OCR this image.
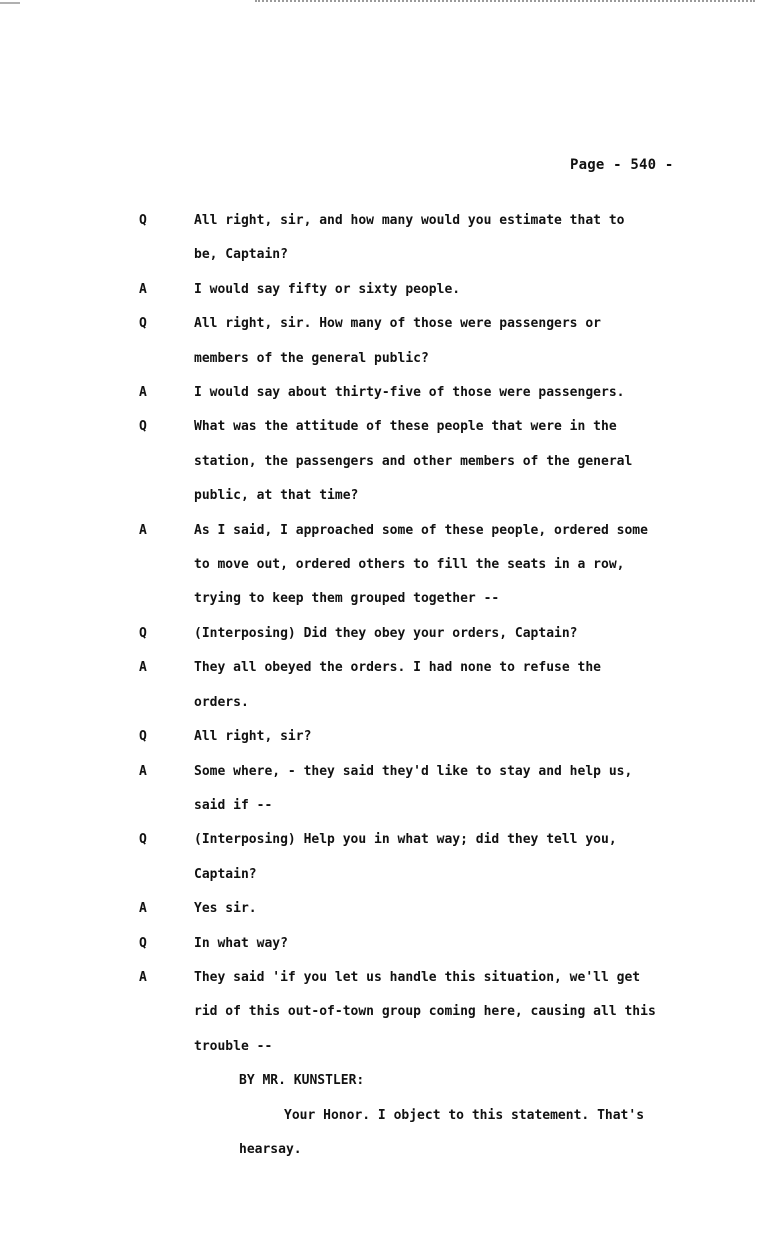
Page - 540 -
Q	All right, sir, and how many would you estimate that to
be, Captain?
A	I would say fifty or sixty people.
Q	All right, sir. How many of those were passengers or
members of the general public?
A	I would say about thirty-five of those were passengers.
Q	What was the attitude of these people that were in the
station, the passengers and other members of the general
public, at that time?
A	As I said, I approached some of these people, ordered some
to move out, ordered others to fill the seats in a row,
trying to keep them grouped together --
Q	(Interposing) Did they obey your orders, Captain?
A	They all obeyed the orders. I had none to refuse the
orders.
Q	All right, sir?
A	Some where, - they said they'd like to stay and help us,
said if --
Q	(Interposing) Help you in what way; did they tell you,
Captain?
A	Yes sir.
Q	In what way?
A	They said 'if you let us handle this situation, we'll get
rid of this out-of-town group coming here, causing all this
trouble --
BY MR. KUNSTLER:
Your Honor. I object to this statement. That's
hearsay.
